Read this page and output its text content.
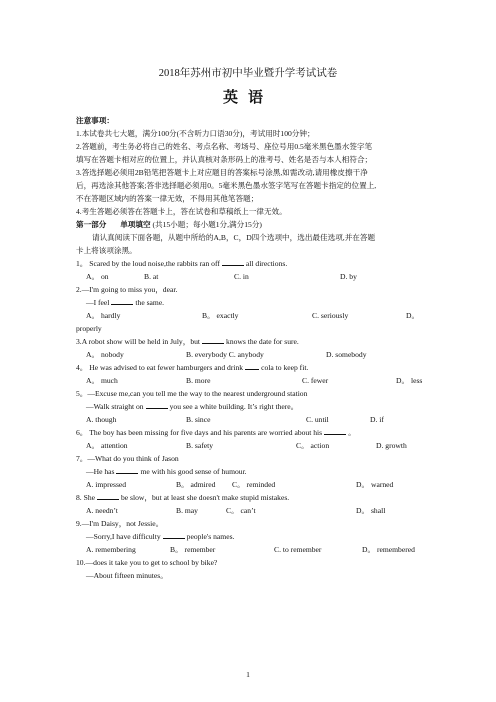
2018年苏州市初中毕业暨升学考试试卷
英语
注意事项：
1.本试卷共七大题，满分100分(不含听力口语30分)，考试用时100分钟；
2.答题前，考生务必将自己的姓名、考点名称、考场号、座位号用0.5毫米黑色墨水签字笔
填写在答题卡相对应的位置上，并认真核对条形码上的准考号、姓名是否与本人相符合；
3.答选择题必须用2B铅笔把答题卡上对应题目的答案标号涂黑,如需改动,请用橡皮擦干净
后，再选涂其他答案;答非选择题必须用0。5毫米黑色墨水签字笔写在答题卡指定的位置上,
不在答题区域内的答案一律无效，不得用其他笔答题；
4.考生答题必须答在答题卡上，答在试卷和草稿纸上一律无效。
第一部分 单项填空 (共15小题；每小题1分,满分15分)
请认真阅读下面各题，从题中所给的A,B，C，D四个选项中，选出最佳选项,并在答题
卡上将该项涂黑。
1。 Scared by the loud noise,the rabbits ran off	all directions.
A。 on	B. at	C. in	D. by
2.—I'm going to miss you，dear.
—I feel	the same.
A。 hardly	B。 exactly	C. seriously	D。
properly
3.A robot show will be held in July，but	knows the date for sure.
A。 nobody	B. everybody C. anybody	D. somebody
4。 He was advised to eat fewer hamburgers and drink cola to keep fit.
A。 much	B. more	C. fewer	D。 less
5。—Excuse me,can you tell me the way to the nearest underground station
—Walk straight on	you see a white building. It’s right there。
A. though	B. since	C. until	D. if
6。 The boy has been missing for five days and his parents are worried about his	。
A。 attention	B. safety	C。 action	D. growth
7。—What do you think of Jason
—He has	me with his good sense of humour.
A. impressed	B。 admired C。 reminded	D。 warned
8. She	be slow，but at least she doesn't make stupid mistakes.
A. needn’t	B. may	C。 can’t	D。 shall
9.—I'm Daisy，not Jessie。
—Sorry,I have difficulty	people's names.
A. remembering	B。 remember	C. to remember	D。 remembered
10.—does it take you to get to school by bike?
—About fifteen minutes。
1
